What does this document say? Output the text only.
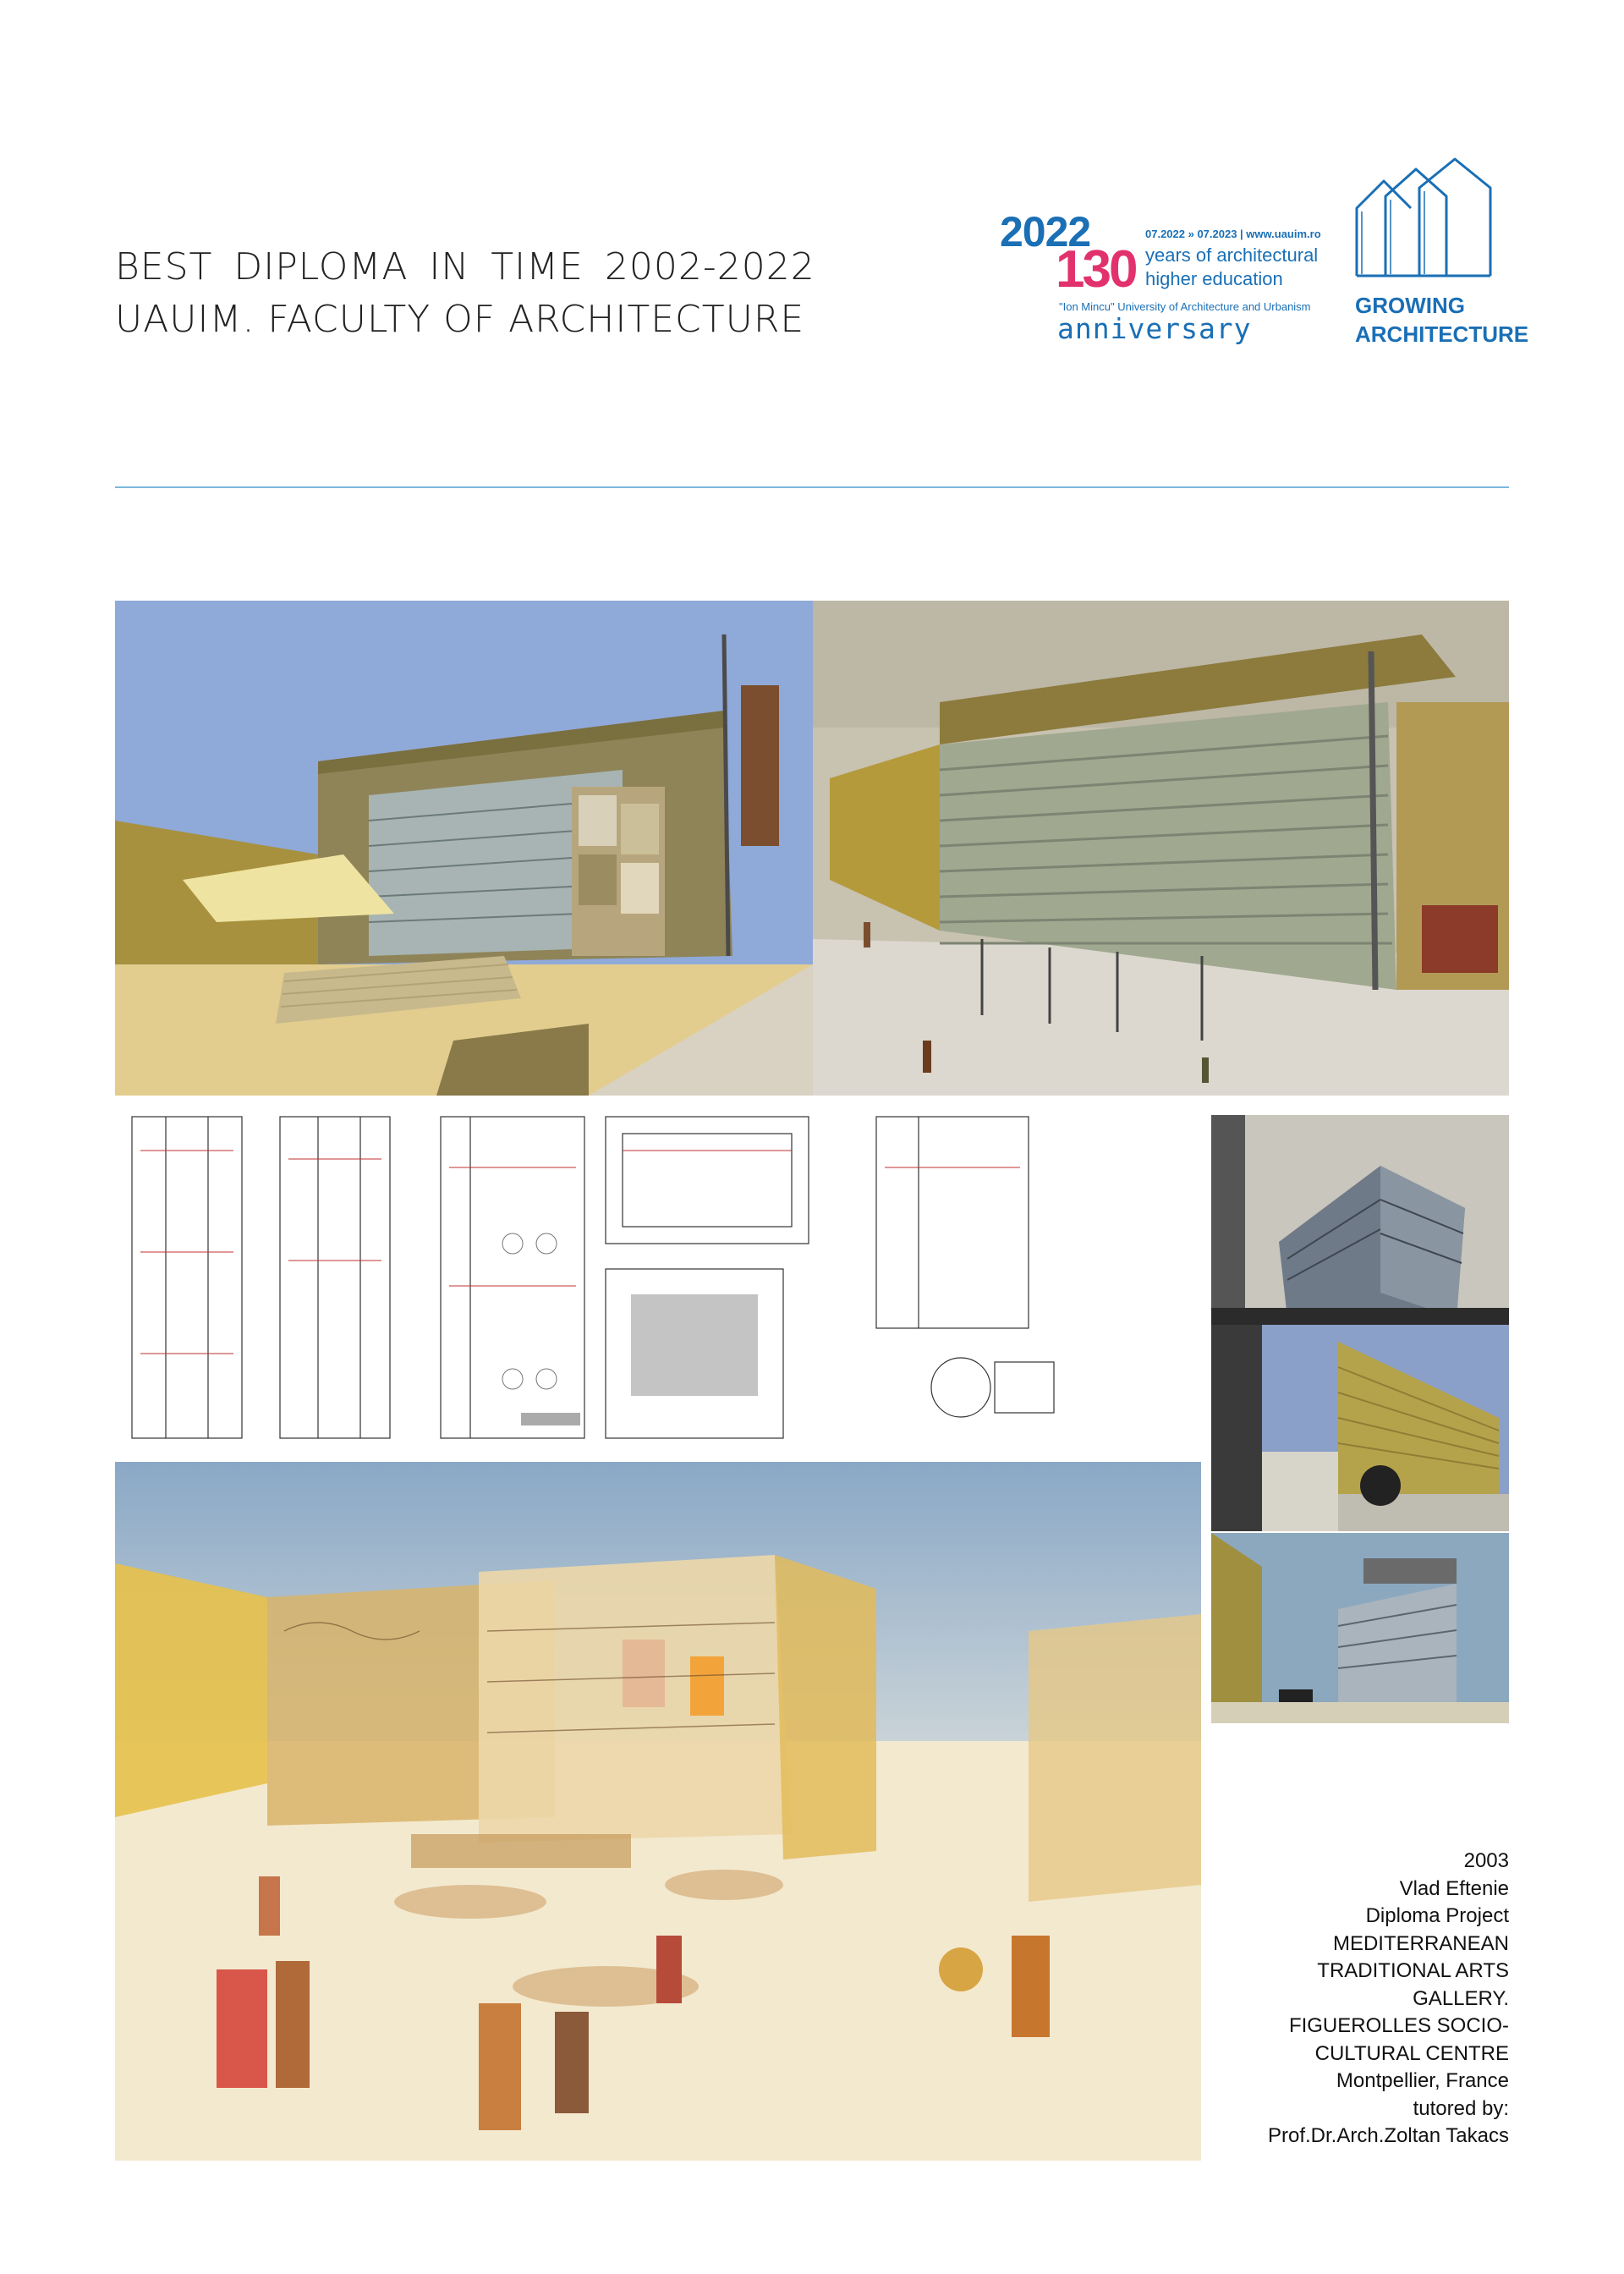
BEST DIPLOMA IN TIME 2002-2022
UAUIM. FACULTY OF ARCHITECTURE
2022
130
07.2022 » 07.2023 | www.uauim.ro
years of architectural
higher education
"Ion Mincu" University of Architecture and Urbanism
anniversary
GROWING
ARCHITECTURE
2003
Vlad Eftenie
Diploma Project
MEDITERRANEAN
TRADITIONAL ARTS
GALLERY.
FIGUEROLLES SOCIO-
CULTURAL CENTRE
Montpellier, France
tutored by:
Prof.Dr.Arch.Zoltan Takacs
